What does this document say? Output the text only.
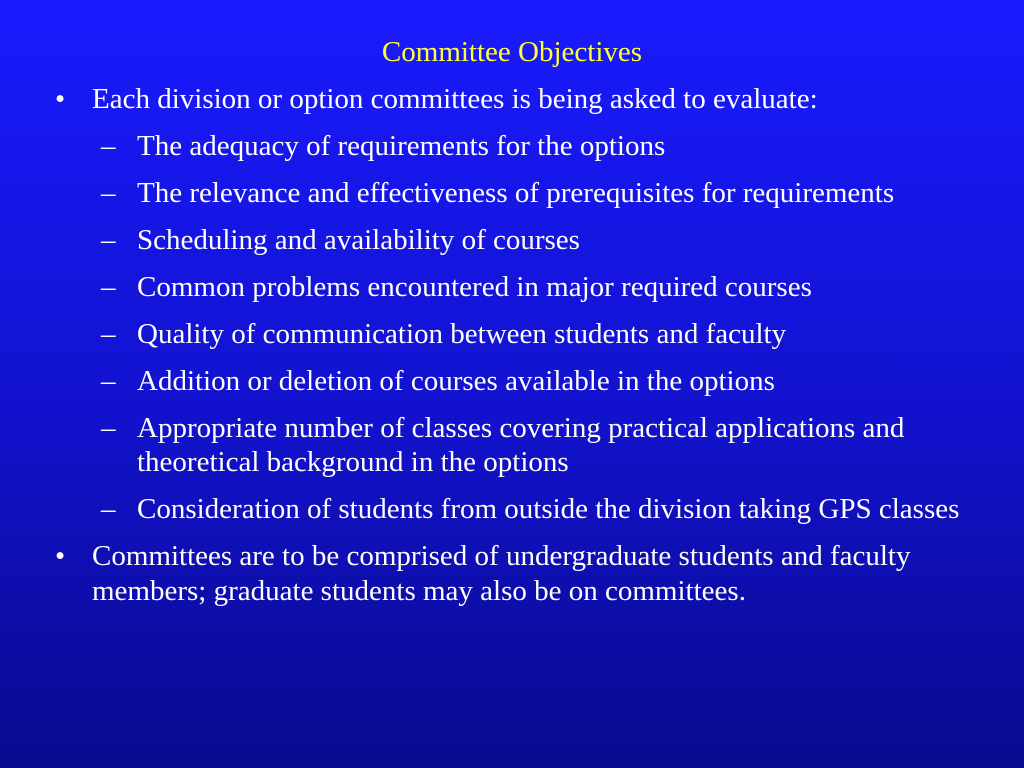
Committee Objectives
• Each division or option committees is being asked to evaluate:
– The adequacy of requirements for the options
– The relevance and effectiveness of prerequisites for requirements
– Scheduling and availability of courses
– Common problems encountered in major required courses
– Quality of communication between students and faculty
– Addition or deletion of courses available in the options
– Appropriate number of classes covering practical applications and theoretical background in the options
– Consideration of students from outside the division taking GPS classes
• Committees are to be comprised of undergraduate students and faculty members; graduate students may also be on committees.
